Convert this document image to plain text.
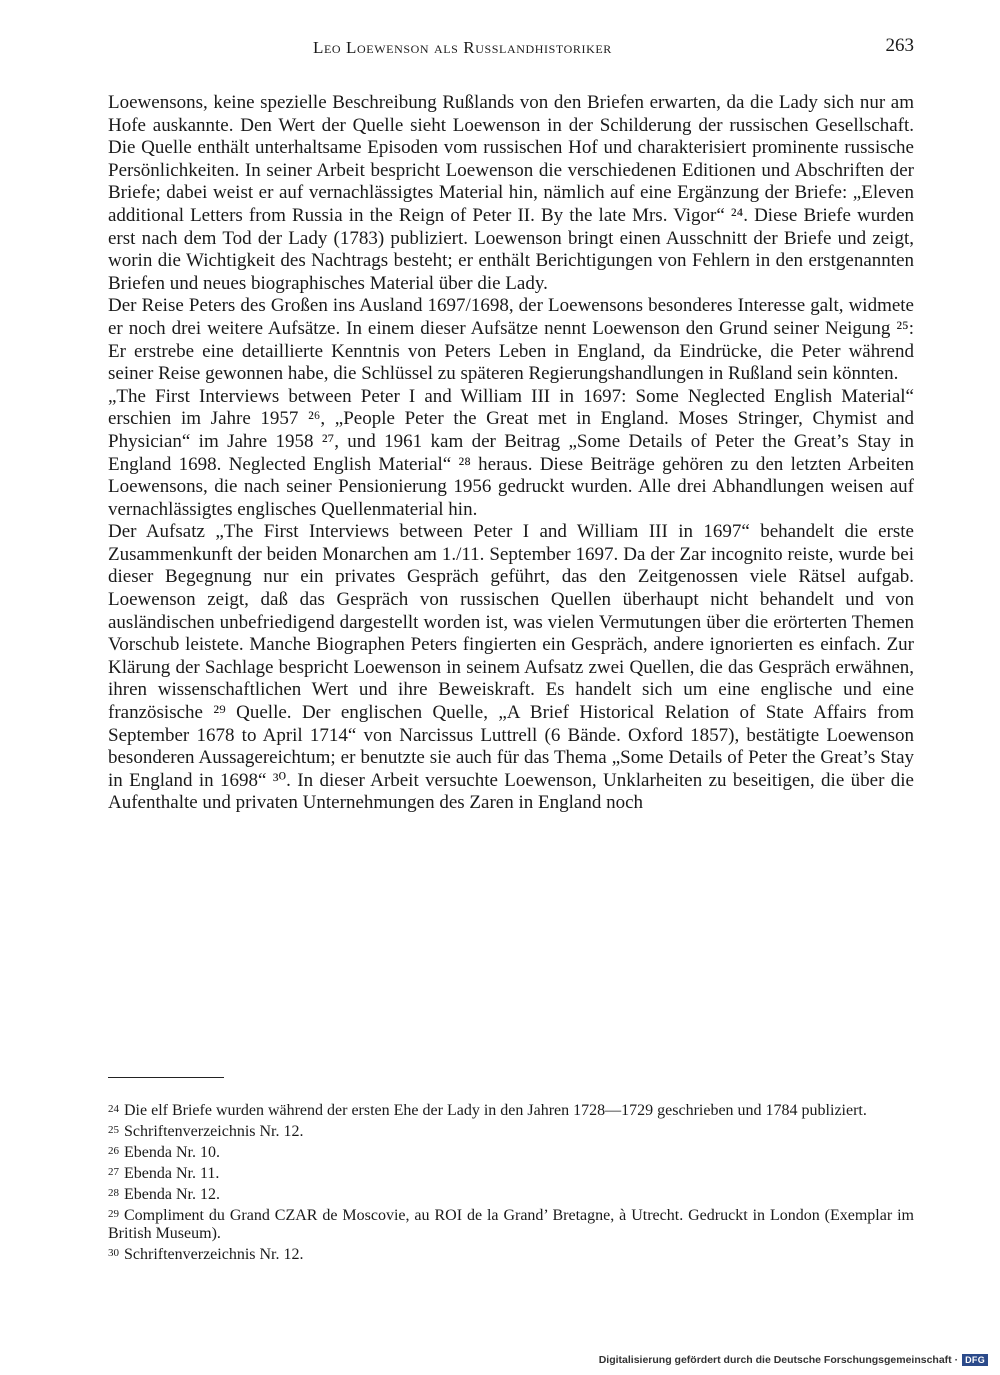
Leo Loewenson als Russlandhistoriker	263

Loewensons, keine spezielle Beschreibung Rußlands von den Briefen erwarten, da die Lady sich nur am Hofe auskannte. Den Wert der Quelle sieht Loewenson in der Schilderung der russischen Gesellschaft. Die Quelle enthält unterhaltsame Episoden vom russischen Hof und charakterisiert prominente russische Persönlichkeiten. In seiner Arbeit bespricht Loewenson die verschiedenen Editionen und Abschriften der Briefe; dabei weist er auf vernachlässigtes Material hin, nämlich auf eine Ergänzung der Briefe: „Eleven additional Letters from Russia in the Reign of Peter II. By the late Mrs. Vigor“ ²⁴. Diese Briefe wurden erst nach dem Tod der Lady (1783) publiziert. Loewenson bringt einen Ausschnitt der Briefe und zeigt, worin die Wichtigkeit des Nachtrags besteht; er enthält Berichtigungen von Fehlern in den erstgenannten Briefen und neues biographisches Material über die Lady.

Der Reise Peters des Großen ins Ausland 1697/1698, der Loewensons besonderes Interesse galt, widmete er noch drei weitere Aufsätze. In einem dieser Aufsätze nennt Loewenson den Grund seiner Neigung ²⁵: Er erstrebe eine detaillierte Kenntnis von Peters Leben in England, da Eindrücke, die Peter während seiner Reise gewonnen habe, die Schlüssel zu späteren Regierungshandlungen in Rußland sein könnten.

„The First Interviews between Peter I and William III in 1697: Some Neglected English Material“ erschien im Jahre 1957 ²⁶, „People Peter the Great met in England. Moses Stringer, Chymist and Physician“ im Jahre 1958 ²⁷, und 1961 kam der Beitrag „Some Details of Peter the Great’s Stay in England 1698. Neglected English Material“ ²⁸ heraus. Diese Beiträge gehören zu den letzten Arbeiten Loewensons, die nach seiner Pensionierung 1956 gedruckt wurden. Alle drei Abhandlungen weisen auf vernachlässigtes englisches Quellenmaterial hin.

Der Aufsatz „The First Interviews between Peter I and William III in 1697“ behandelt die erste Zusammenkunft der beiden Monarchen am 1./11. September 1697. Da der Zar incognito reiste, wurde bei dieser Begegnung nur ein privates Gespräch geführt, das den Zeitgenossen viele Rätsel aufgab. Loewenson zeigt, daß das Gespräch von russischen Quellen überhaupt nicht behandelt und von ausländischen unbefriedigend dargestellt worden ist, was vielen Vermutungen über die erörterten Themen Vorschub leistete. Manche Biographen Peters fingierten ein Gespräch, andere ignorierten es einfach. Zur Klärung der Sachlage bespricht Loewenson in seinem Aufsatz zwei Quellen, die das Gespräch erwähnen, ihren wissenschaftlichen Wert und ihre Beweiskraft. Es handelt sich um eine englische und eine französische ²⁹ Quelle. Der englischen Quelle, „A Brief Historical Relation of State Affairs from September 1678 to April 1714“ von Narcissus Luttrell (6 Bände. Oxford 1857), bestätigte Loewenson besonderen Aussagereichtum; er benutzte sie auch für das Thema „Some Details of Peter the Great’s Stay in England in 1698“ ³⁰. In dieser Arbeit versuchte Loewenson, Unklarheiten zu beseitigen, die über die Aufenthalte und privaten Unternehmungen des Zaren in England noch

24 Die elf Briefe wurden während der ersten Ehe der Lady in den Jahren 1728—1729 geschrieben und 1784 publiziert.

25 Schriftenverzeichnis Nr. 12.

26 Ebenda Nr. 10.

27 Ebenda Nr. 11.

28 Ebenda Nr. 12.

29 Compliment du Grand CZAR de Moscovie, au ROI de la Grand’ Bretagne, à Utrecht. Gedruckt in London (Exemplar im British Museum).

30 Schriftenverzeichnis Nr. 12.

Digitalisierung gefördert durch die Deutsche Forschungsgemeinschaft · DFG
